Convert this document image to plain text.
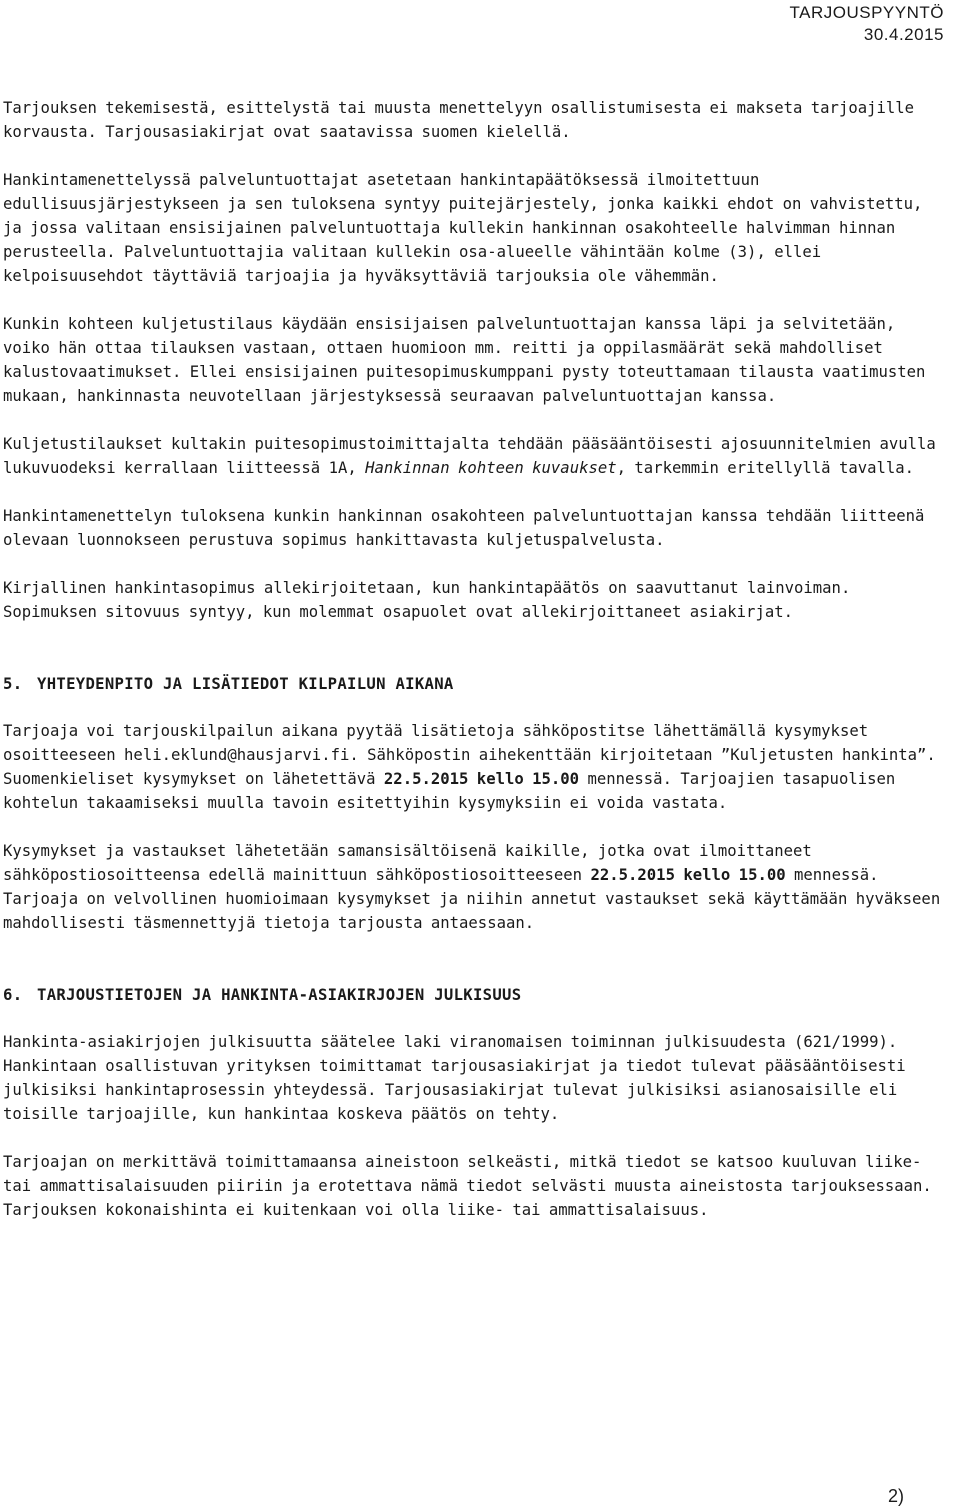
TARJOUSPYYNTÖ
30.4.2015

Tarjouksen tekemisestä, esittelystä tai muusta menettelyyn osallistumisesta ei makseta tarjoajille korvausta. Tarjousasiakirjat ovat saatavissa suomen kielellä.

Hankintamenettelyssä palveluntuottajat asetetaan hankintapäätöksessä ilmoitettuun edullisuusjärjestykseen ja sen tuloksena syntyy puitejärjestely, jonka kaikki ehdot on vahvistettu, ja jossa valitaan ensisijainen palveluntuottaja kullekin hankinnan osakohteelle halvimman hinnan perusteella. Palveluntuottajia valitaan kullekin osa-alueelle vähintään kolme (3), ellei kelpoisuusehdot täyttäviä tarjoajia ja hyväksyttäviä tarjouksia ole vähemmän.

Kunkin kohteen kuljetustilaus käydään ensisijaisen palveluntuottajan kanssa läpi ja selvitetään, voiko hän ottaa tilauksen vastaan, ottaen huomioon mm. reitti ja oppilasmäärät sekä mahdolliset kalustovaatimukset. Ellei ensisijainen puitesopimuskumppani pysty toteuttamaan tilausta vaatimusten mukaan, hankinnasta neuvotellaan järjestyksessä seuraavan palveluntuottajan kanssa.

Kuljetustilaukset kultakin puitesopimustoimittajalta tehdään pääsääntöisesti ajosuunnitelmien avulla lukuvuodeksi kerrallaan liitteessä 1A, Hankinnan kohteen kuvaukset, tarkemmin eritellyllä tavalla.

Hankintamenettelyn tuloksena kunkin hankinnan osakohteen palveluntuottajan kanssa tehdään liitteenä olevaan luonnokseen perustuva sopimus hankittavasta kuljetuspalvelusta.

Kirjallinen hankintasopimus allekirjoitetaan, kun hankintapäätös on saavuttanut lainvoiman. Sopimuksen sitovuus syntyy, kun molemmat osapuolet ovat allekirjoittaneet asiakirjat.

5. YHTEYDENPITO JA LISÄTIEDOT KILPAILUN AIKANA

Tarjoaja voi tarjouskilpailun aikana pyytää lisätietoja sähköpostitse lähettämällä kysymykset osoitteeseen heli.eklund@hausjarvi.fi. Sähköpostin aihekenttään kirjoitetaan ”Kuljetusten hankinta”. Suomenkieliset kysymykset on lähetettävä 22.5.2015 kello 15.00 mennessä. Tarjoajien tasapuolisen kohtelun takaamiseksi muulla tavoin esitettyihin kysymyksiin ei voida vastata.

Kysymykset ja vastaukset lähetetään samansisältöisenä kaikille, jotka ovat ilmoittaneet sähköpostiosoitteensa edellä mainittuun sähköpostiosoitteeseen 22.5.2015 kello 15.00 mennessä. Tarjoaja on velvollinen huomioimaan kysymykset ja niihin annetut vastaukset sekä käyttämään hyväkseen mahdollisesti täsmennettyjä tietoja tarjousta antaessaan.

6. TARJOUSTIETOJEN JA HANKINTA-ASIAKIRJOJEN JULKISUUS

Hankinta-asiakirjojen julkisuutta säätelee laki viranomaisen toiminnan julkisuudesta (621/1999). Hankintaan osallistuvan yrityksen toimittamat tarjousasiakirjat ja tiedot tulevat pääsääntöisesti julkisiksi hankintaprosessin yhteydessä. Tarjousasiakirjat tulevat julkisiksi asianosaisille eli toisille tarjoajille, kun hankintaa koskeva päätös on tehty.

Tarjoajan on merkittävä toimittamaansa aineistoon selkeästi, mitkä tiedot se katsoo kuuluvan liike- tai ammattisalaisuuden piiriin ja erotettava nämä tiedot selvästi muusta aineistosta tarjouksessaan. Tarjouksen kokonaishinta ei kuitenkaan voi olla liike- tai ammattisalaisuus.

2)
